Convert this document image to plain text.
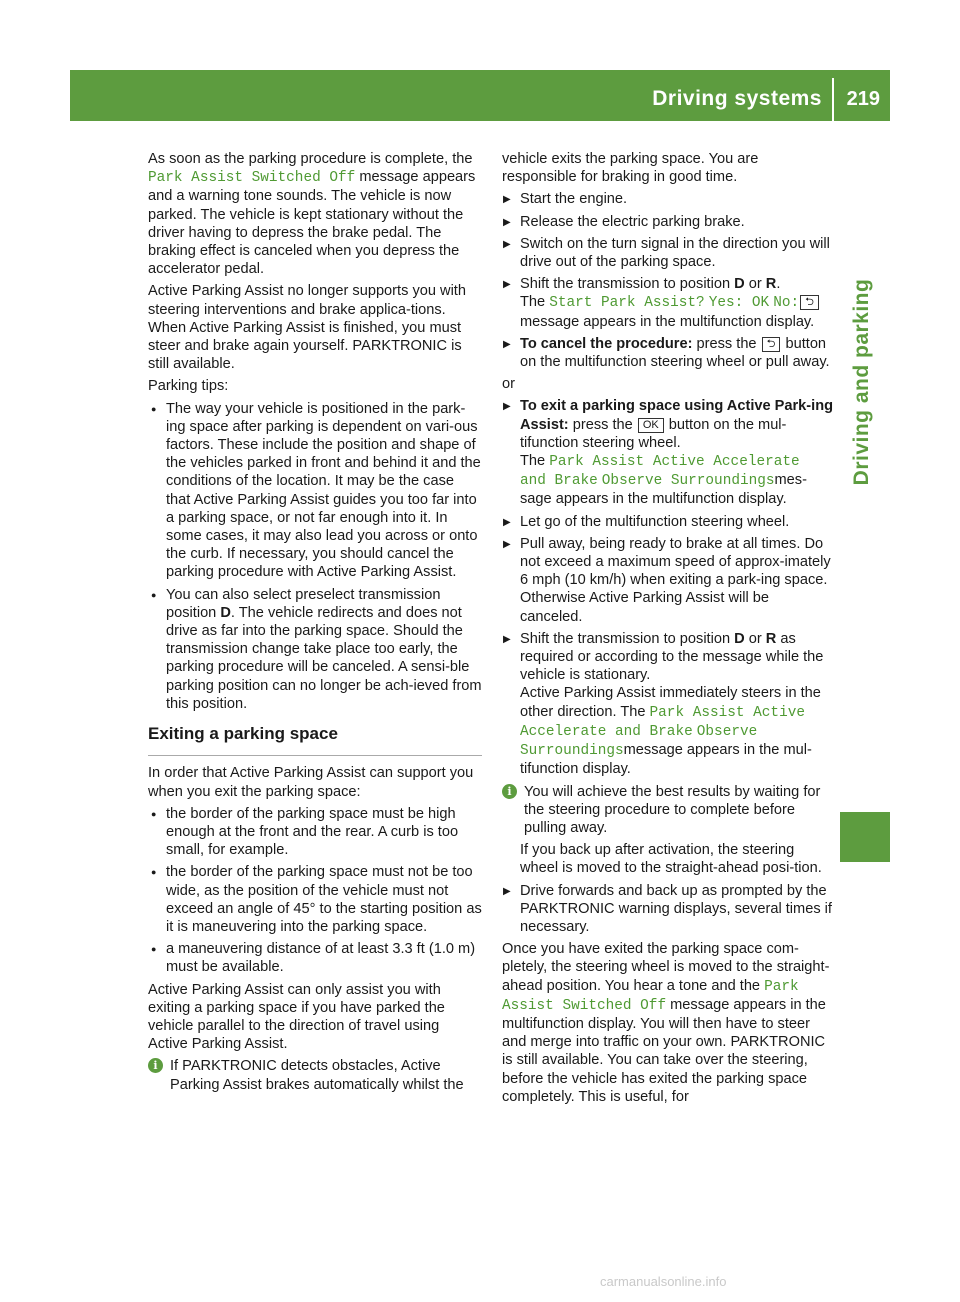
Driving systems 219
Driving and parking

As soon as the parking procedure is complete, the Park Assist Switched Off message appears and a warning tone sounds. The vehicle is now parked. The vehicle is kept stationary without the driver having to depress the brake pedal. The braking effect is canceled when you depress the accelerator pedal.

Active Parking Assist no longer supports you with steering interventions and brake applica-tions. When Active Parking Assist is finished, you must steer and brake again yourself. PARKTRONIC is still available.

Parking tips:

● The way your vehicle is positioned in the park-ing space after parking is dependent on vari-ous factors. These include the position and shape of the vehicles parked in front and behind it and the conditions of the location. It may be the case that Active Parking Assist guides you too far into a parking space, or not far enough into it. In some cases, it may also lead you across or onto the curb. If necessary, you should cancel the parking procedure with Active Parking Assist.
● You can also select preselect transmission position D. The vehicle redirects and does not drive as far into the parking space. Should the transmission change take place too early, the parking procedure will be canceled. A sensi-ble parking position can no longer be ach-ieved from this position.
Exiting a parking space

In order that Active Parking Assist can support you when you exit the parking space:

● the border of the parking space must be high enough at the front and the rear. A curb is too small, for example.
● the border of the parking space must not be too wide, as the position of the vehicle must not exceed an angle of 45° to the starting position as it is maneuvering into the parking space.
● a maneuvering distance of at least 3.3 ft (1.0 m) must be available.

Active Parking Assist can only assist you with exiting a parking space if you have parked the vehicle parallel to the direction of travel using Active Parking Assist.

i If PARKTRONIC detects obstacles, Active Parking Assist brakes automatically whilst the

vehicle exits the parking space. You are responsible for braking in good time.

▶ Start the engine.
▶ Release the electric parking brake.
▶ Switch on the turn signal in the direction you will drive out of the parking space.
▶ Shift the transmission to position D or R.
The Start Park Assist? Yes: OK No: ⮌ message appears in the multifunction display.
▶ To cancel the procedure: press the ⮌ button on the multifunction steering wheel or pull away.

or

▶ To exit a parking space using Active Park-ing Assist: press the OK button on the mul-tifunction steering wheel.
The Park Assist Active Accelerate and Brake Observe Surroundingsmes-sage appears in the multifunction display.
▶ Let go of the multifunction steering wheel.
▶ Pull away, being ready to brake at all times. Do not exceed a maximum speed of approx-imately 6 mph (10 km/h) when exiting a park-ing space. Otherwise Active Parking Assist will be canceled.
▶ Shift the transmission to position D or R as required or according to the message while the vehicle is stationary.
Active Parking Assist immediately steers in the other direction. The Park Assist Active Accelerate and Brake Observe Surroundingsmessage appears in the mul-tifunction display.
i You will achieve the best results by waiting for the steering procedure to complete before pulling away.

If you back up after activation, the steering wheel is moved to the straight-ahead posi-tion.

▶ Drive forwards and back up as prompted by the PARKTRONIC warning displays, several times if necessary.

Once you have exited the parking space com-pletely, the steering wheel is moved to the straight-ahead position. You hear a tone and the Park Assist Switched Off message appears in the multifunction display. You will then have to steer and merge into traffic on your own. PARKTRONIC is still available. You can take over the steering, before the vehicle has exited the parking space completely. This is useful, for

carmanualsonline.info
